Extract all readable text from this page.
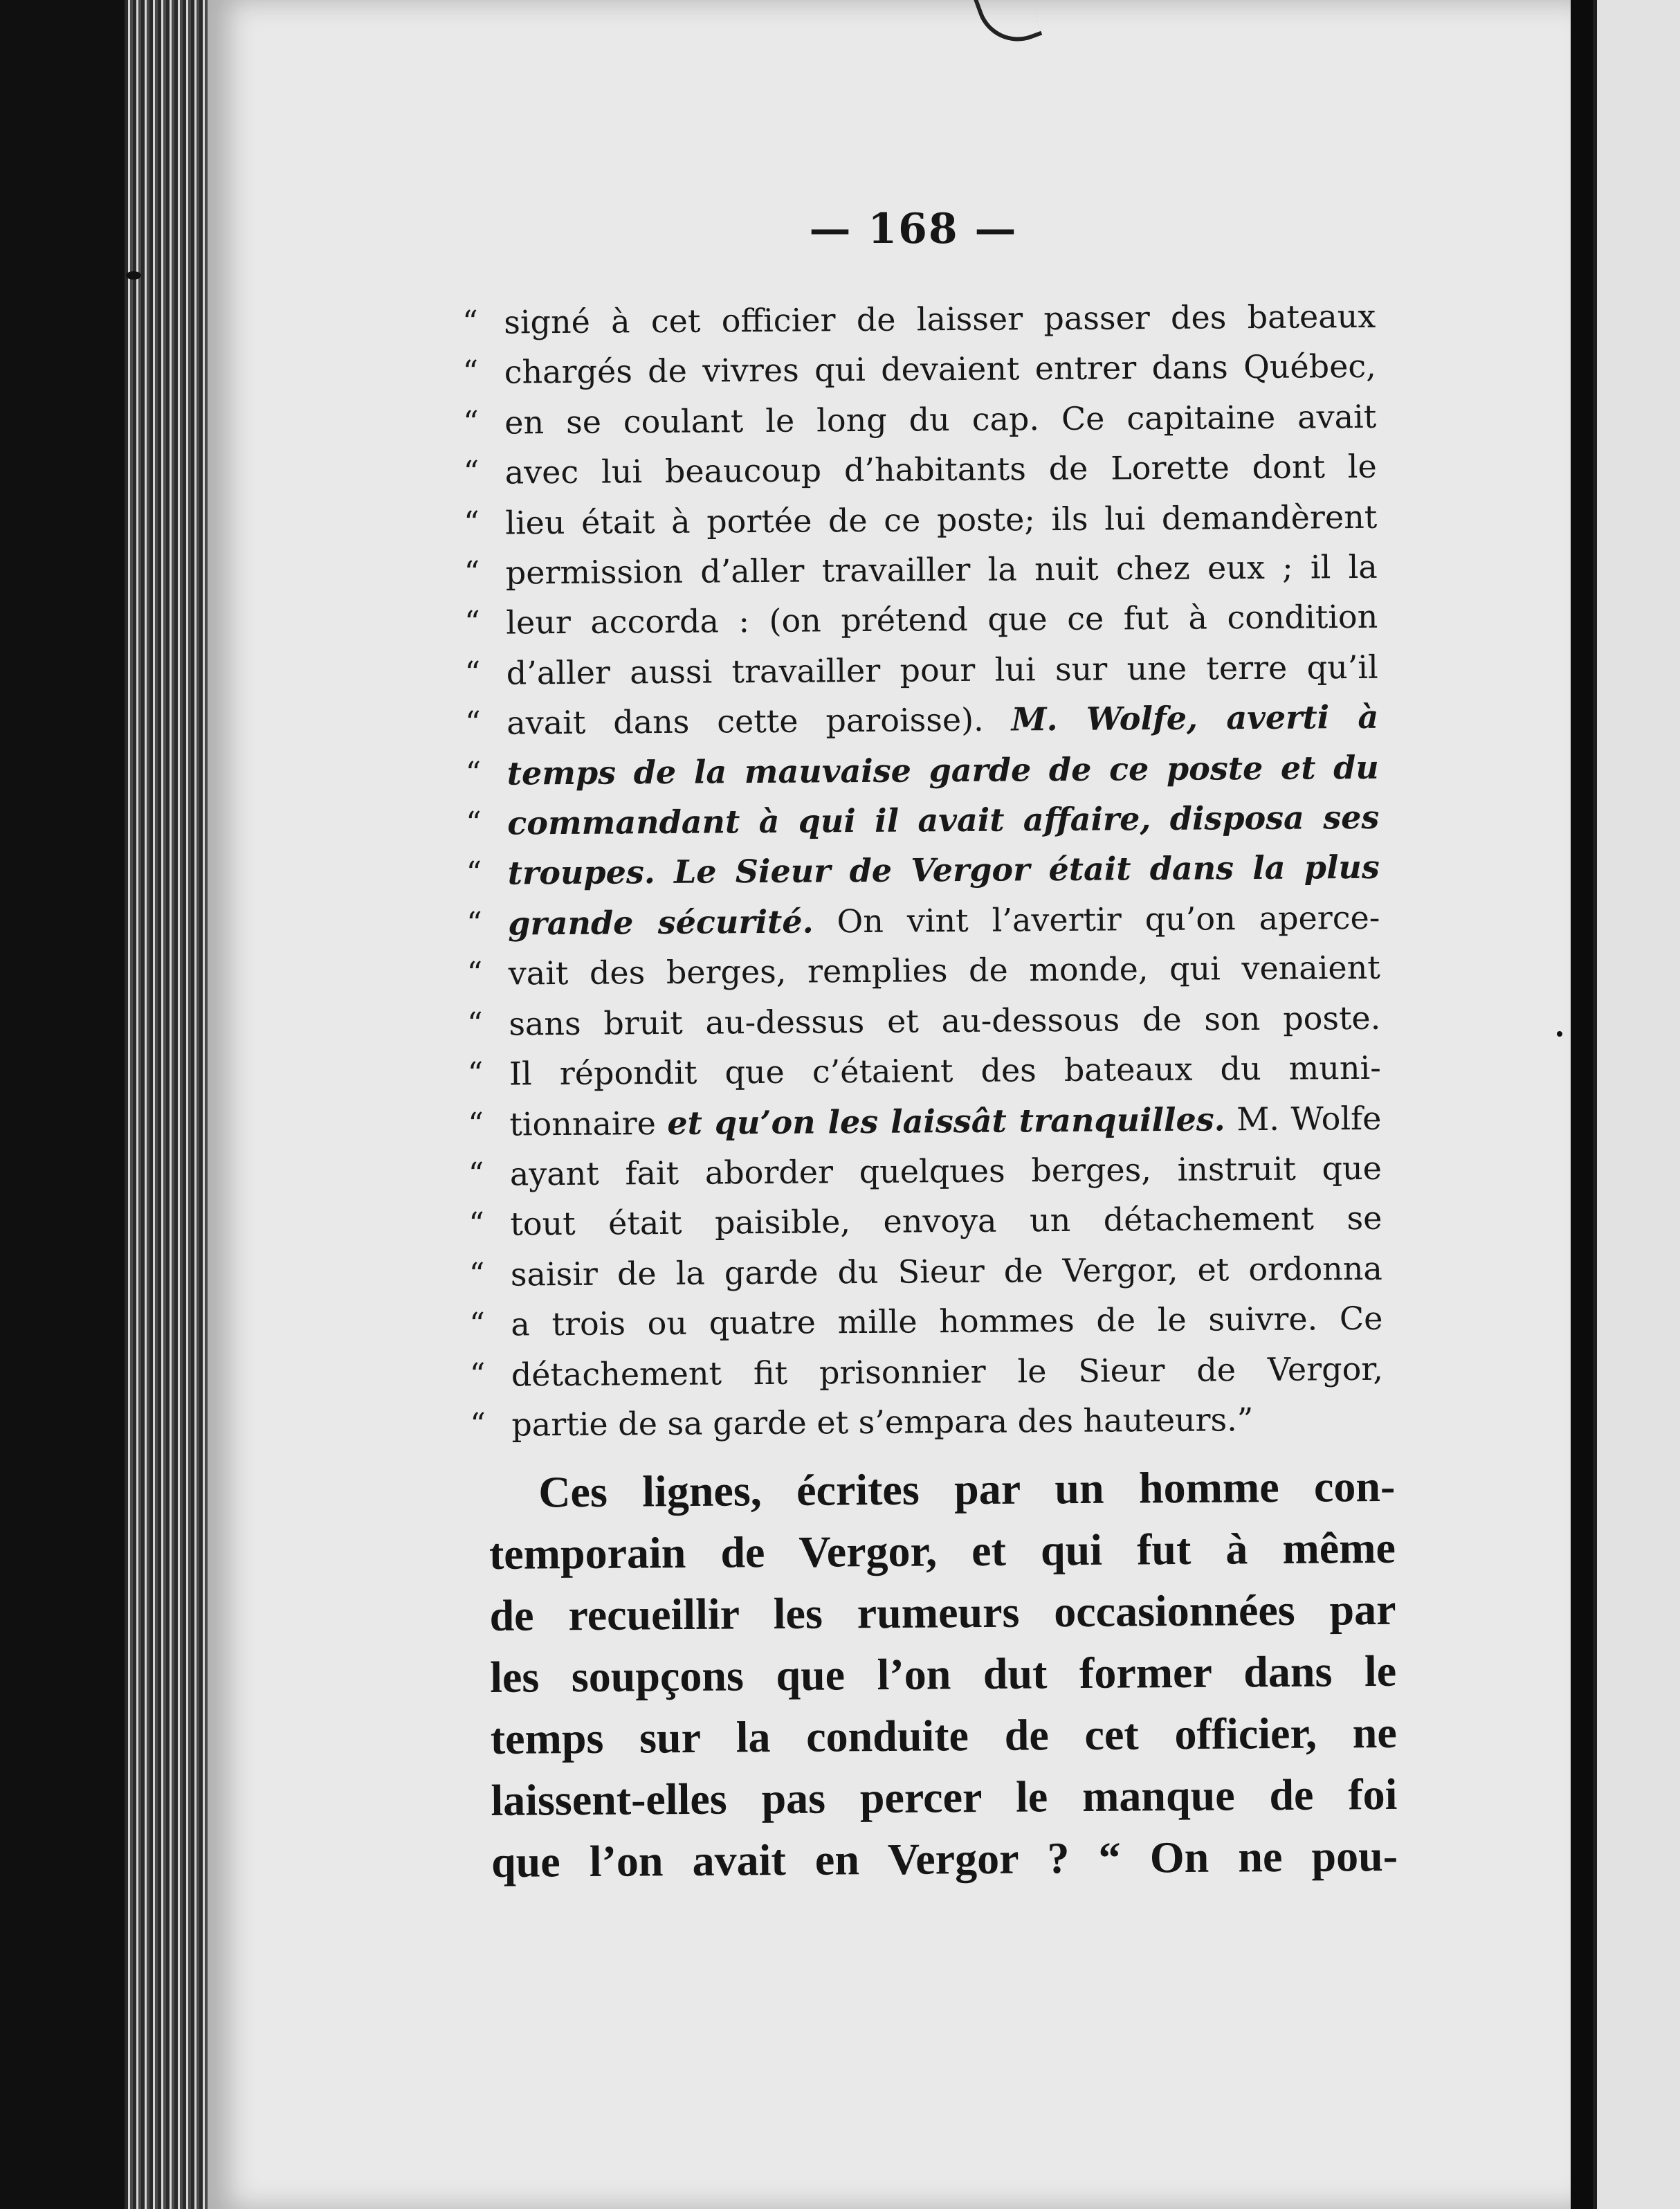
— 168 —
“ signé à cet officier de laisser passer des bateaux
“ chargés de vivres qui devaient entrer dans Québec,
“ en se coulant le long du cap. Ce capitaine avait
“ avec lui beaucoup d’habitants de Lorette dont le
“ lieu était à portée de ce poste; ils lui demandèrent
“ permission d’aller travailler la nuit chez eux ; il la
“ leur accorda : (on prétend que ce fut à condition
“ d’aller aussi travailler pour lui sur une terre qu’il
“ avait dans cette paroisse). M. Wolfe, averti à
“ temps de la mauvaise garde de ce poste et du
“ commandant à qui il avait affaire, disposa ses
“ troupes. Le Sieur de Vergor était dans la plus
“ grande sécurité. On vint l’avertir qu’on aperce-
“ vait des berges, remplies de monde, qui venaient
“ sans bruit au-dessus et au-dessous de son poste.
“ Il répondit que c’étaient des bateaux du muni-
“ tionnaire et qu’on les laissât tranquilles. M. Wolfe
“ ayant fait aborder quelques berges, instruit que
“ tout était paisible, envoya un détachement se
“ saisir de la garde du Sieur de Vergor, et ordonna
“ a trois ou quatre mille hommes de le suivre. Ce
“ détachement fit prisonnier le Sieur de Vergor,
“ partie de sa garde et s’empara des hauteurs.”
Ces lignes, écrites par un homme con-
temporain de Vergor, et qui fut à même
de recueillir les rumeurs occasionnées par
les soupçons que l’on dut former dans le
temps sur la conduite de cet officier, ne
laissent-elles pas percer le manque de foi
que l’on avait en Vergor ? “ On ne pou-
